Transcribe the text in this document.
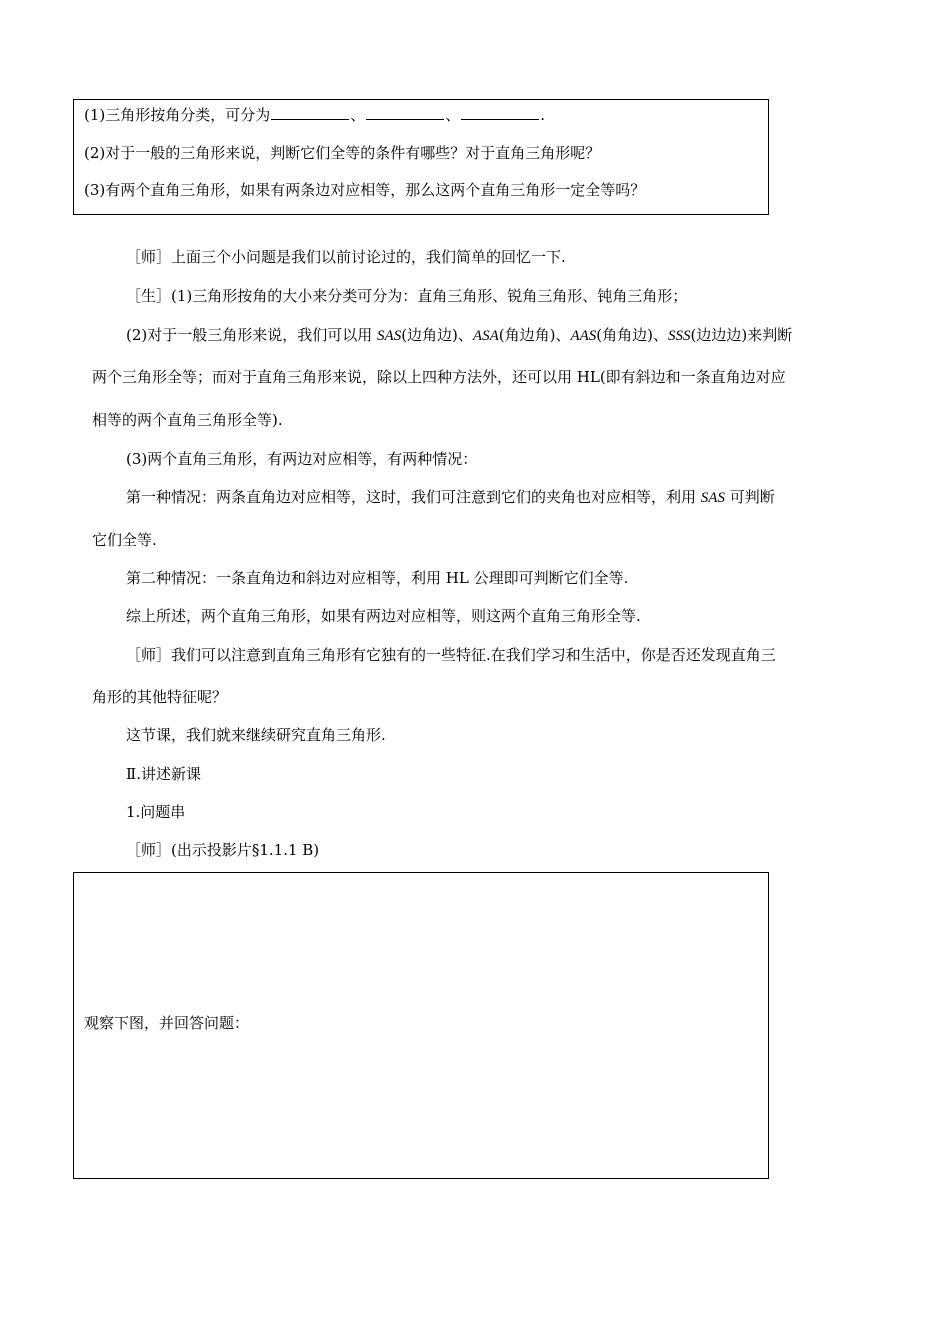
(1)三角形按角分类，可分为	、	、	.
(2)对于一般的三角形来说，判断它们全等的条件有哪些？对于直角三角形呢？
(3)有两个直角三角形，如果有两条边对应相等，那么这两个直角三角形一定全等吗？
［师］上面三个小问题是我们以前讨论过的，我们简单的回忆一下.
［生］(1)三角形按角的大小来分类可分为：直角三角形、锐角三角形、钝角三角形；
(2)对于一般三角形来说，我们可以用 SAS(边角边)、ASA(角边角)、AAS(角角边)、SSS(边边边)来判断
两个三角形全等；而对于直角三角形来说，除以上四种方法外，还可以用 HL(即有斜边和一条直角边对应
相等的两个直角三角形全等).
(3)两个直角三角形，有两边对应相等，有两种情况：
第一种情况：两条直角边对应相等，这时，我们可注意到它们的夹角也对应相等，利用 SAS 可判断
它们全等.
第二种情况：一条直角边和斜边对应相等，利用 HL 公理即可判断它们全等.
综上所述，两个直角三角形，如果有两边对应相等，则这两个直角三角形全等.
［师］我们可以注意到直角三角形有它独有的一些特征.在我们学习和生活中，你是否还发现直角三
角形的其他特征呢？
这节课，我们就来继续研究直角三角形.
Ⅱ.讲述新课
1.问题串
［师］(出示投影片§1.1.1 B)
观察下图，并回答问题：
